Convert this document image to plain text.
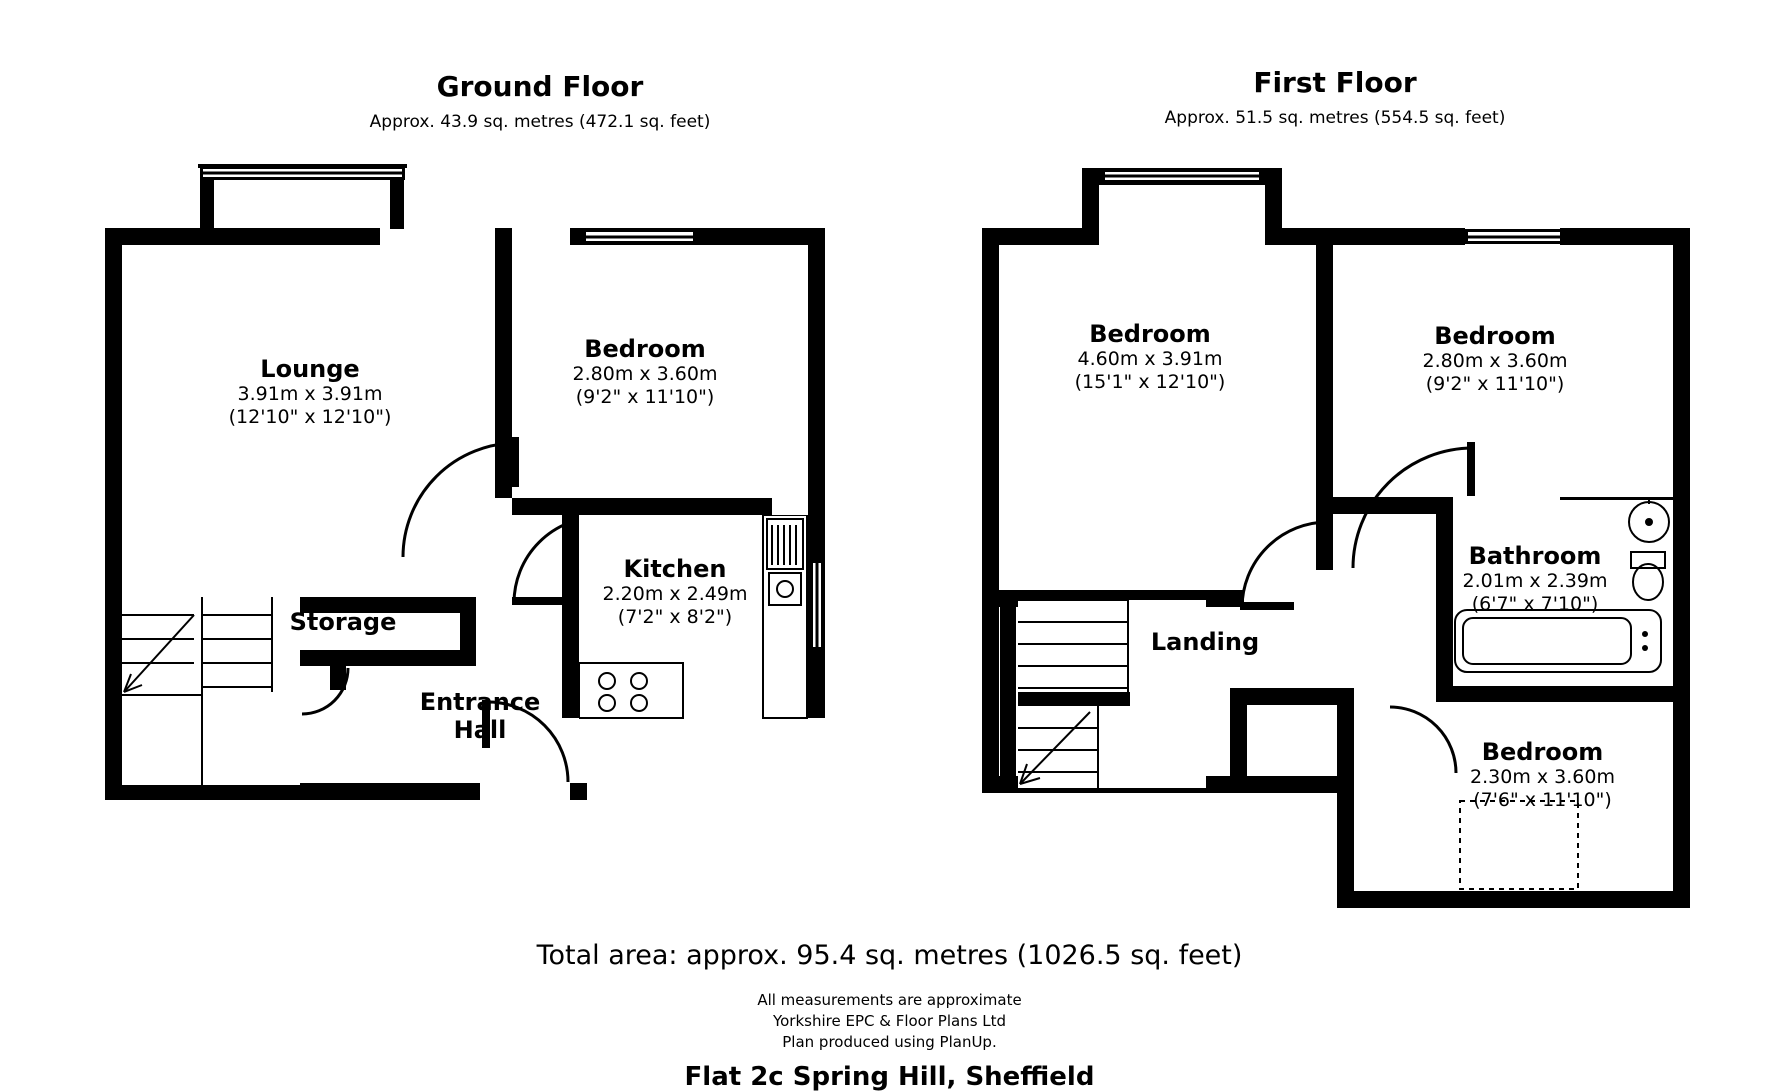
Ground Floor
Approx. 43.9 sq. metres (472.1 sq. feet)
Lounge
3.91m x 3.91m
(12'10" x 12'10")
Bedroom
2.80m x 3.60m
(9'2" x 11'10")
Kitchen
2.20m x 2.49m
(7'2" x 8'2")
Storage
Entrance
Hall
First Floor
Approx. 51.5 sq. metres (554.5 sq. feet)
Bedroom
4.60m x 3.91m
(15'1" x 12'10")
Bedroom
2.80m x 3.60m
(9'2" x 11'10")
Bathroom
2.01m x 2.39m
(6'7" x 7'10")
Bedroom
2.30m x 3.60m
(7'6" x 11'10")
Landing
Total area: approx. 95.4 sq. metres (1026.5 sq. feet)
All measurements are approximate
Yorkshire EPC & Floor Plans Ltd
Plan produced using PlanUp.
Flat 2c Spring Hill, Sheffield
